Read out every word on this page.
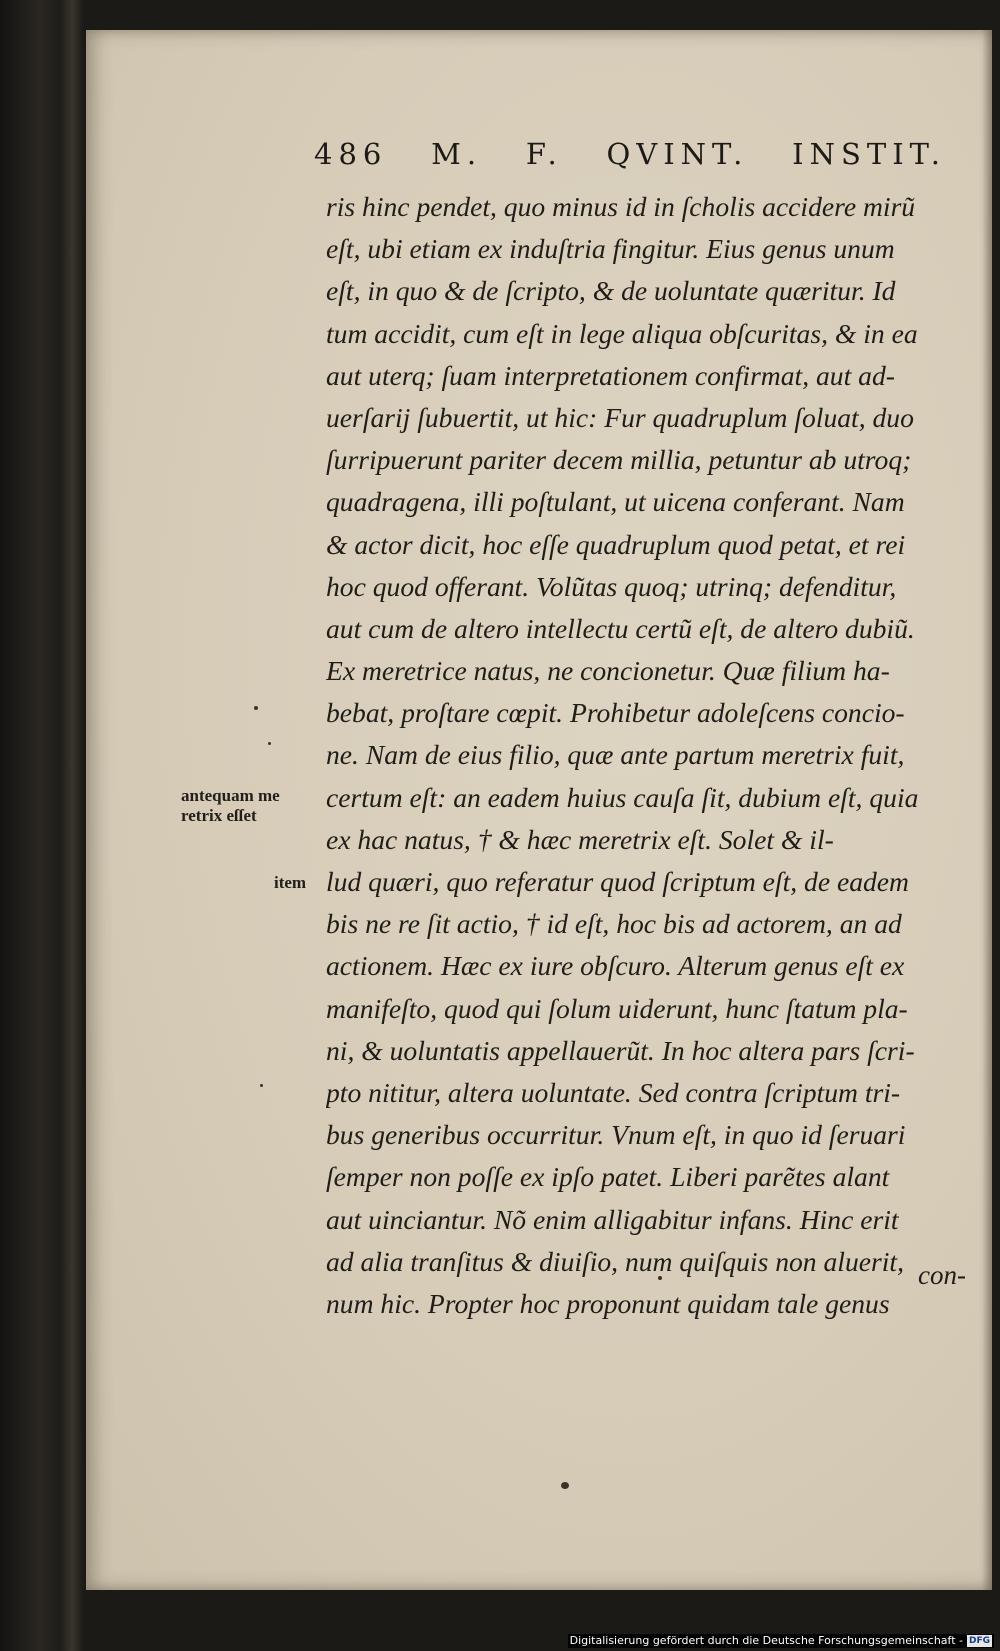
486 M. F. QVINT. INSTIT.
ris hinc pendet, quo minus id in ſcholis accidere mirũ
eſt, ubi etiam ex induſtria fingitur. Eius genus unum
eſt, in quo & de ſcripto, & de uoluntate quæritur. Id
tum accidit, cum eſt in lege aliqua obſcuritas, & in ea
aut uterq; ſuam interpretationem confirmat, aut ad-
uerſarij ſubuertit, ut hic: Fur quadruplum ſoluat, duo
ſurripuerunt pariter decem millia, petuntur ab utroq;
quadragena, illi poſtulant, ut uicena conferant. Nam
& actor dicit, hoc eſſe quadruplum quod petat, et rei
hoc quod offerant. Volũtas quoq; utrinq; defenditur,
aut cum de altero intellectu certũ eſt, de altero dubiũ.
Ex meretrice natus, ne concionetur. Quæ filium ha-
bebat, proſtare cœpit. Prohibetur adoleſcens concio-
ne. Nam de eius filio, quæ ante partum meretrix fuit,
certum eſt: an eadem huius cauſa ſit, dubium eſt, quia
ex hac natus, † & hæc meretrix eſt. Solet & il-
lud quæri, quo referatur quod ſcriptum eſt, de eadem
bis ne re ſit actio, † id eſt, hoc bis ad actorem, an ad
actionem. Hæc ex iure obſcuro. Alterum genus eſt ex
manifeſto, quod qui ſolum uiderunt, hunc ſtatum pla-
ni, & uoluntatis appellauerũt. In hoc altera pars ſcri-
pto nititur, altera uoluntate. Sed contra ſcriptum tri-
bus generibus occurritur. Vnum eſt, in quo id ſeruari
ſemper non poſſe ex ipſo patet. Liberi parẽtes alant
aut uinciantur. Nõ enim alligabitur infans. Hinc erit
ad alia tranſitus & diuiſio, num quiſquis non aluerit,
num hic. Propter hoc proponunt quidam tale genus
con-
antequam me
retrix eſſet
item
Digitalisierung gefördert durch die Deutsche Forschungsgemeinschaft - DFG
